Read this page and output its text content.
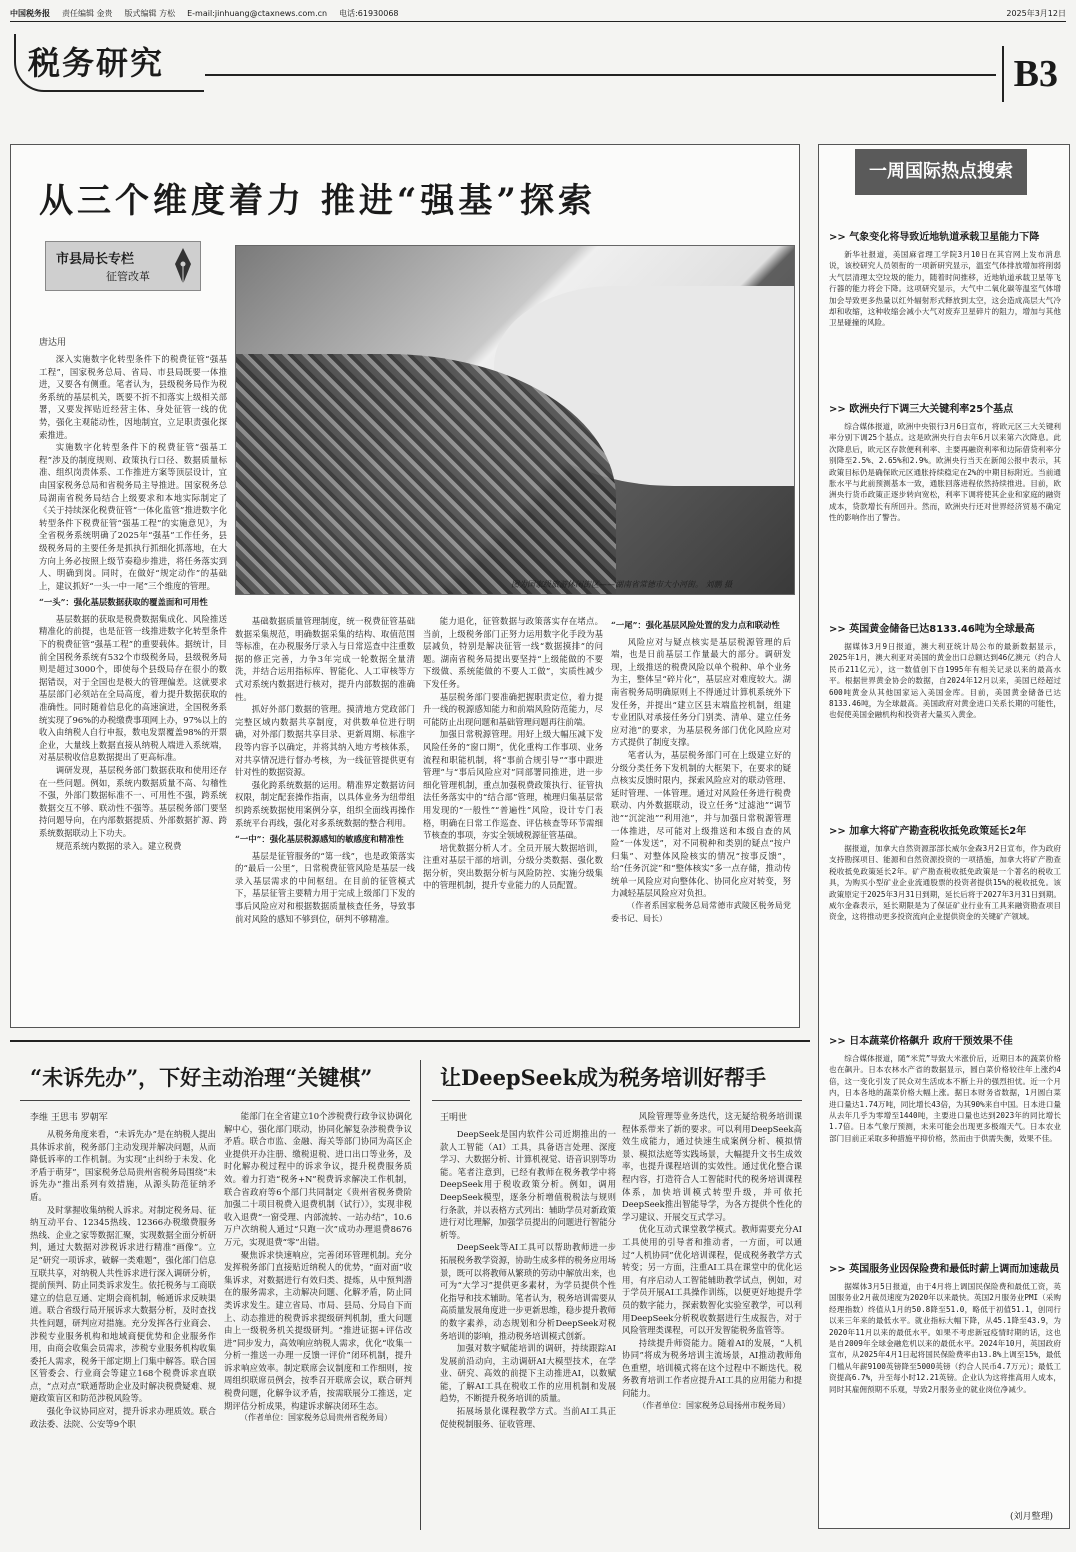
中国税务报 责任编辑 金贵 版式编辑 方松 E-mail:jinhuang@ctaxnews.com.cn 电话:61930068	2025年3月12日
税务研究	B3
从三个维度着力 推进“强基”探索
市县局长专栏
征管改革
图为国家级旅游休闲街区——湖南省常德市大小河街。 刘鹏 摄
唐达用

深入实施数字化转型条件下的税费征管“强基工程”，国家税务总局、省局、市县局既要一体推进，又要各有侧重。笔者认为，县级税务局作为税务系统的基层机关，既要不折不扣落实上级相关部署，又要发挥贴近经营主体、身处征管一线的优势，强化主观能动性，因地制宜，立足职责强化探索推进。

实施数字化转型条件下的税费征管“强基工程”涉及的制度规则、政策执行口径、数据质量标准、组织岗责体系、工作推进方案等顶层设计，宜由国家税务总局和省税务局主导推进。国家税务总局湖南省税务局结合上级要求和本地实际制定了《关于持续深化税费征管“一体化监管”推进数字化转型条件下税费征管“强基工程”的实施意见》，为全省税务系统明确了2025年“强基”工作任务，县级税务局的主要任务是抓执行抓细化抓落地，在大方向上务必按照上级节奏稳步推进，将任务落实到人、明确到岗。同时，在做好“规定动作”的基础上，建议抓好“一头一中一尾”三个维度的管理。

“一头”：强化基层数据获取的覆盖面和可用性

基层数据的获取是税费数据集成化、风险推送精准化的前提，也是征管一线推进数字化转型条件下的税费征管“强基工程”的重要载体。据统计，目前全国税务系统有532个市级税务局，县级税务局则是超过3000个，即使每个县级局存在很小的数据错误，对于全国也是极大的管理偏差。这就要求基层部门必须站在全局高度，着力提升数据获取的准确性。同时随着信息化的高速演进，全国税务系统实现了96%的办税缴费事项网上办，97%以上的收入由纳税人自行申报，数电发票覆盖98%的开票企业，大量线上数据直接从纳税人端进入系统端，对基层税收信息数据提出了更高标准。

调研发现，基层税务部门数据获取和使用还存在一些问题。例如，系统内数据质量不高、勾稽性不强，外部门数据标准不一、可用性不强，跨系统数据交互不够、联动性不强等。基层税务部门要坚持问题导向，在内部数据提质、外部数据扩源、跨系统数据联动上下功夫。

规范系统内数据的录入。建立税费

基础数据质量管理制度，统一税费征管基础数据采集规范，明确数据采集的结构、取值范围等标准，在办税服务厅录入与日常巡查中注重数据的修正完善，力争3年完成一轮数据全量清洗，并结合运用指标库、智能化、人工审核等方式对系统内数据进行核对，提升内部数据的准确性。

抓好外部门数据的管理。摸清地方党政部门完整区域内数据共享制度，对供数单位进行明确，对外部门数据共享目录、更新周期、标准字段等内容予以确定，并将其纳入地方考核体系，对共享情况进行督办考核，为一线征管提供更有针对性的数据资源。

强化跨系统数据的运用。精准界定数据访问权限，制定配套操作指南，以具体业务为纽带组织跨系统数据使用案例分享，组织全面线再操作系统平台再线，强化对多系统数据的整合利用。

“一中”：强化基层税源感知的敏感度和精准性

基层是征管服务的“第一线”，也是政策落实的“最后一公里”，日常税费征管风险是基层一线录入基层需求的中间枢纽。在目前的征管模式下，基层征管主要精力用于完成上级部门下发的事后风险应对和根据数据质量核查任务，导致事前对风险的感知不够到位，研判不够精准。

能力退化，征管数据与政策落实存在堵点。当前，上级税务部门正努力运用数字化手段为基层减负，特别是解决征管一线“数据摸排”的问题。湖南省税务局提出要坚持“上级能做的不要下级做、系统能做的不要人工做”，实质性减少下发任务。

基层税务部门要准确把握职责定位，着力提升一线的税源感知能力和前端风险防范能力，尽可能防止出现问题和基础管理问题再往前端。

加强日常税源管理。用好上级大幅压减下发风险任务的“窗口期”，优化重构工作事项、业务流程和职能机制，将“事前合规引导”“事中跟进管理”与“事后风险应对”同部署同推进，进一步细化管理机制，重点加强税费政策执行、征管执法任务落实中的“结合部”管理，梳理归集基层常用发现的“一般性”“普遍性”风险，设计专门表格，明确在日常工作巡查、评估核查等环节需细节核查的事项，夯实全领域税源征管基础。

培优数据分析人才。全员开展大数据培训，注重对基层干部的培训，分级分类数据、强化数据分析，突出数据分析与风险防控、实施分级集中的管理机制，提升专业能力的人员配置。

“一尾”：强化基层风险处置的发力点和联动性

风险应对与疑点核实是基层税源管理的后端，也是日前基层工作量最大的部分。调研发现，上级推送的税费风险以单个税种、单个业务为主，整体呈“碎片化”，基层应对难度较大。湖南省税务局明确原则上不得通过计算机系统外下发任务，并提出“建立区县末端监控机制，组建专业团队对承接任务分门别类、清单、建立任务应对池”的要求，为基层税务部门优化风险应对方式提供了制度支撑。

笔者认为，基层税务部门可在上级建立好的分级分类任务下发机制的大框架下，在要求的疑点核实反馈时限内，探索风险应对的联动管理、延时管理、一体管理。通过对风险任务进行税费联动、内外数据联动，设立任务“过滤池”“调节池”“沉淀池”“利用池”，并与加强日常税源管理一体推进，尽可能对上级推送和本级自查的风险“一体发送”，对不同税种和类别的疑点“按户归集”、对整体风险核实的情况“按事反馈”，给“任务沉淀”和“整体核实”多一点存储，推动传统单一风险应对向整体化、协同化应对转变，努力减轻基层风险应对负担。

（作者系国家税务总局常德市武陵区税务局党委书记、局长）

“未诉先办”，下好主动治理“关键棋”	让DeepSeek成为税务培训好帮手
李维 王思韦 罗朝军

从税务角度来看，“未诉先办”是在纳税人提出具体诉求前，税务部门主动发现并解决问题，从而降低诉率的工作机制。为实现“止纠纷于未发、化矛盾于萌芽”，国家税务总局贵州省税务局围绕“未诉先办”推出系列有效措施，从源头防范征纳矛盾。

及时掌握收集纳税人诉求。对制定税务局、征纳互动平台、12345热线、12366办税缴费服务热线、企业之家等数据汇聚，实现数据全面分析研判，通过大数据对涉税诉求进行精准“画像”。立足“研究一项诉求，破解一类难题”，强化部门信息互联共享，对纳税人共性诉求进行深入调研分析，提前预判、防止同类诉求发生。依托税务与工商联建立的信息互通、定期会商机制，畅通诉求反映渠道。联合省级行局开展诉求大数据分析，及时查找共性问题，研判应对措施。充分发挥各行业商会、涉税专业服务机构和地域商便优势和企业服务作用，由商会收集会员需求，涉税专业服务机构收集委托人需求，税务干部定期上门集中解答。联合国区管委会、行业商会等建立168个税费诉求直联点，“点对点”联通帮助企业及时解决税费疑难、规避政策盲区和防范涉税风险等。

强化争议协同应对，提升诉求办理质效。联合政法委、法院、公安等9个职

能部门在全省建立10个涉税费行政争议协调化解中心，强化部门联动，协同化解复杂涉税费争议矛盾。联合市监、金融、海关等部门协同为高区企业提供开办注册、缴税退税、进口出口等业务，及时化解办税过程中的诉求争议，提升税费服务质效。着力打造“税务+N”税费诉求解决工作机制，联合省政府等6个部门共同制定《贵州省税务费阶加强二十项目税费入退费机制（试行）》，实现非税收入退费“一窗受理、内部流转、一站办结”，10.6万户次纳税人通过“只跑一次”成功办理退费8676万元，实现退费“零”出错。

聚焦诉求快速响应，完善闭环管理机制。充分发挥税务部门直接贴近纳税人的优势，“面对面”收集诉求，对数据进行有效归类、提炼，从中预判潜在的服务需求，主动解决问题、化解矛盾，防止同类诉求发生。建立省局、市局、县局、分局自下而上、动态推进的税费诉求提级研判机制，重大问题由上一级税务机关提级研判。“推进证据+评估改进”同步发力，高效响应纳税人需求，优化“收集一分析一推送一办理一反馈一评价”闭环机制，提升诉求响应效率。制定联席会议制度和工作细则，按周组织联席员例会，按季召开联席会议，联合研判税费问题，化解争议矛盾，按需联展分工推送，定期评估分析成果，构建诉求解决闭环生态。

（作者单位：国家税务总局贵州省税务局）

王明世

DeepSeek是国内软件公司近期推出的一款人工智能（AI）工具，具备语言处理、深度学习、大数据分析、计算机视觉、语音识别等功能。笔者注意到，已经有教师在税务教学中将DeepSeek用于税收政策分析。例如，调用DeepSeek模型，逐条分析增值税税法与规则行条款，并以表格方式列出：辅助学员对新政策进行对比理解，加强学员提出的问题进行智能分析等。

DeepSeek等AI工具可以帮助教师进一步拓展税务教学资源，协助生成多样的税务应用场景，既可以将教师从繁琐的劳动中解放出来，也可为“大学习”提供更多素材，为学员提供个性化指导和技术辅助。笔者认为，税务培训需要从高质量发展角度进一步更新思维，稳步提升教师的数字素养，动态规划和分析DeepSeek对税务培训的影响，推动税务培训模式创新。

加强对数字赋能培训的调研，持续跟踪AI发展前沿动向，主动调研AI大模型技术，在学业、研究、高效的前提下主动推进AI，以数赋能，了解AI工具在税收工作的应用机制和发展趋势，不断提升税务培训的质量。

拓展场景化课程教学方式。当前AI工具正促使税制服务、征收管理、

风险管理等业务迭代，这无疑给税务培训课程体系带来了新的要求。可以利用DeepSeek高效生成能力，通过快速生成案例分析、模拟情景、模拟法庭等实践场景，大幅提升文书生成效率，也提升课程培训的实效性。通过优化整合课程内容，打造符合人工智能时代的税务培训课程体系，加快培训模式转型升级，并可依托DeepSeek推出智能导学，为各方提供个性化的学习建议、开展交互式学习。

优化互动式课堂教学模式。教师需要充分AI工具使用的引导者和推动者，一方面，可以通过“人机协同”优化培训课程，促成税务教学方式转变；另一方面，注重AI工具在课堂中的优化运用，有序启动人工智能辅助教学试点，例如，对于学员开展AI工具操作训练，以便更好地提升学员的数字能力，探索数智化实验室教学，可以利用DeepSeek分析税收数据进行生成报告，对于风险管理类课程，可以开发智能税务监管等。

持续提升师资能力。随着AI的发展，“人机协同”将成为税务培训主流场景，AI推动教师角色重塑，培训模式将在这个过程中不断迭代。税务教育培训工作者应提升AI工具的应用能力和提问能力。

（作者单位：国家税务总局扬州市税务局）

一周国际热点搜索
>> 气象变化将导致近地轨道承载卫星能力下降
新华社报道，美国麻省理工学院3月10日在其官网上发布消息说，该校研究人员领衔的一项新研究显示，温室气体排放增加将削弱大气层清理太空垃圾的能力，随着时间推移，近地轨道承载卫星等飞行器的能力将会下降。这项研究显示，大气中二氧化碳等温室气体增加会导致更多热量以红外辐射形式释放到太空，这会造成高层大气冷却和收缩，这种收缩会减小大气对废弃卫星碎片的阻力，增加与其他卫星碰撞的风险。
>> 欧洲央行下调三大关键利率25个基点
综合媒体报道，欧洲中央银行3月6日宣布，将欧元区三大关键利率分别下调25个基点。这是欧洲央行自去年6月以来第六次降息。此次降息后，欧元区存款便利利率、主要再融资利率和边际借贷利率分别降至2.5%、2.65%和2.9%。欧洲央行当天在新闻公报中表示，其政策目标仍是确保欧元区通胀持续稳定在2%的中期目标附近。当前通胀水平与此前预测基本一致，通胀回落进程依然持续推进。目前，欧洲央行货币政策正逐步转向宽松，利率下调将使其企业和家庭的融资成本，贷款增长有所回升。然而，欧洲央行还对世界经济贸易不确定性的影响作出了警告。
>> 英国黄金储备已达8133.46吨为全球最高
据媒体3月9日报道，澳大利亚统计局公布的最新数据显示，2025年1月，澳大利亚对美国的黄金出口总额达到46亿澳元（约合人民币211亿元），这一数值创下自1995年有相关记录以来的最高水平。根据世界黄金协会的数据，自2024年12月以来，美国已经超过600吨黄金从其他国家运入美国金库。目前，美国黄金储备已达8133.46吨，为全球最高。美国政府对黄金进口关系长期的可能性，也促使美国金融机构和投资者大量买入黄金。
>> 加拿大将矿产勘查税收抵免政策延长2年
据报道，加拿大自然资源部部长威尔金森3月2日宣布，作为政府支持勘探项目、能源和自然资源投资的一项措施，加拿大将矿产勘查税收抵免政策延长2年。矿产勘查税收抵免政策是一个著名的税收工具，为购买小型矿业企业流通股票的投资者提供15%的税收抵免。该政策原定于2025年3月31日到期，延长后将于2027年3月31日到期。威尔金森表示，延长期限是为了保证矿业行业有工具来融资勘查项目资金，这将推动更多投资流向企业提供资金的关键矿产领域。
>> 日本蔬菜价格飙升 政府干预效果不佳
综合媒体报道，随“米荒”导致大米涨价后，近期日本的蔬菜价格也在飙升。日本农林水产省的数据显示，圆白菜价格较往年上涨约4倍，这一变化引发了民众对生活成本不断上升的强烈担忧。近一个月内，日本各地的蔬菜价格大幅上涨。据日本财务省数据，1月圆白菜进口量达1.74万吨，同比增长43倍，为其90%来自中国。日本进口量从去年几乎为零增至1440吨，主要进口量也达到2023年的同比增长1.7倍。日本气象厅预测，未来可能会出现更多极端天气。日本农业部门目前正采取多种措施平抑价格，然而由于供需失衡，效果不佳。
>> 英国服务业因保险费和最低时薪上调而加速裁员
据媒体3月5日报道，由于4月将上调国民保险费和最低工资，英国服务业2月裁员速度为2020年以来最快。英国2月服务业PMI（采购经理指数）终值从1月的50.8降至51.0，略低于初值51.1，创同行以来三年来的最低水平。就业指标大幅下降，从45.1降至43.9，为2020年11月以来的最低水平。如果不考虑新冠疫情时期的话，这也是自2009年全球金融危机以来的最低水平。2024年10月，英国政府宣布，从2025年4月1日起将国民保险费率由13.8%上调至15%，最低门槛从年薪9100英镑降至5000英镑（约合人民币4.7万元）；最低工资提高6.7%，升至每小时12.21英镑。企业认为这将推高用人成本，同时其雇佣预期不乐观，导致2月服务业的就业岗位净减少。
(刘月整理)
